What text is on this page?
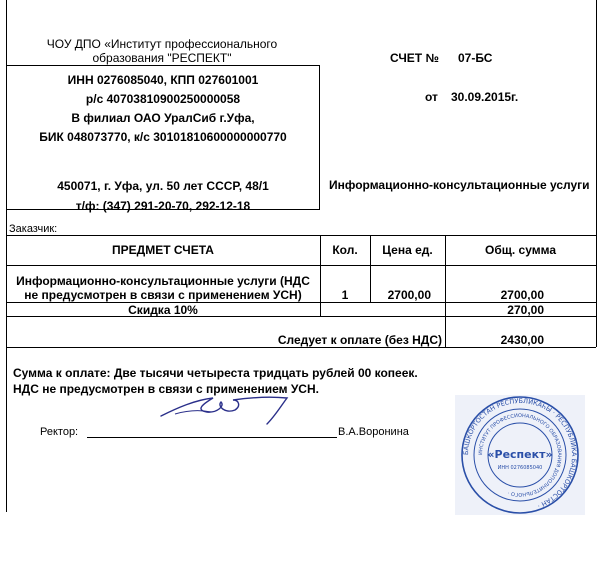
ЧОУ ДПО «Институт профессионального
образования "РЕСПЕКТ"	СЧЕТ № 07-БС
ИНН 0276085040, КПП 027601001
р/с 40703810900250000058
В филиал ОАО УралСиб г.Уфа,
БИК 048073770, к/с 30101810600000000770
450071, г. Уфа, ул. 50 лет СССР, 48/1
т/ф: (347) 291-20-70, 292-12-18
от 30.09.2015г.
Информационно-консультационные услуги
Заказчик:
ПРЕДМЕТ СЧЕТА	Кол.	Цена ед.	Общ. сумма
Информационно-консультационные услуги (НДС
не предусмотрен в связи с применением УСН)	1	2700,00	2700,00
Скидка 10%	270,00
Следует к оплате (без НДС)	2430,00
Сумма к оплате: Две тысячи четыреста тридцать рублей 00 копеек.
НДС не предусмотрен в связи с применением УСН.
Ректор:	В.А.Воронина
БАШКОРТОСТАН РЕСПУБЛИКАҺЫ · РЕСПУБЛИКА БАШКОРТОСТАН ·
ИНСТИТУТ ПРОФЕССИОНАЛЬНОГО ОБРАЗОВАНИЯ ДОПОЛНИТЕЛЬНОГО ·
«Респект»
ИНН 0276085040
